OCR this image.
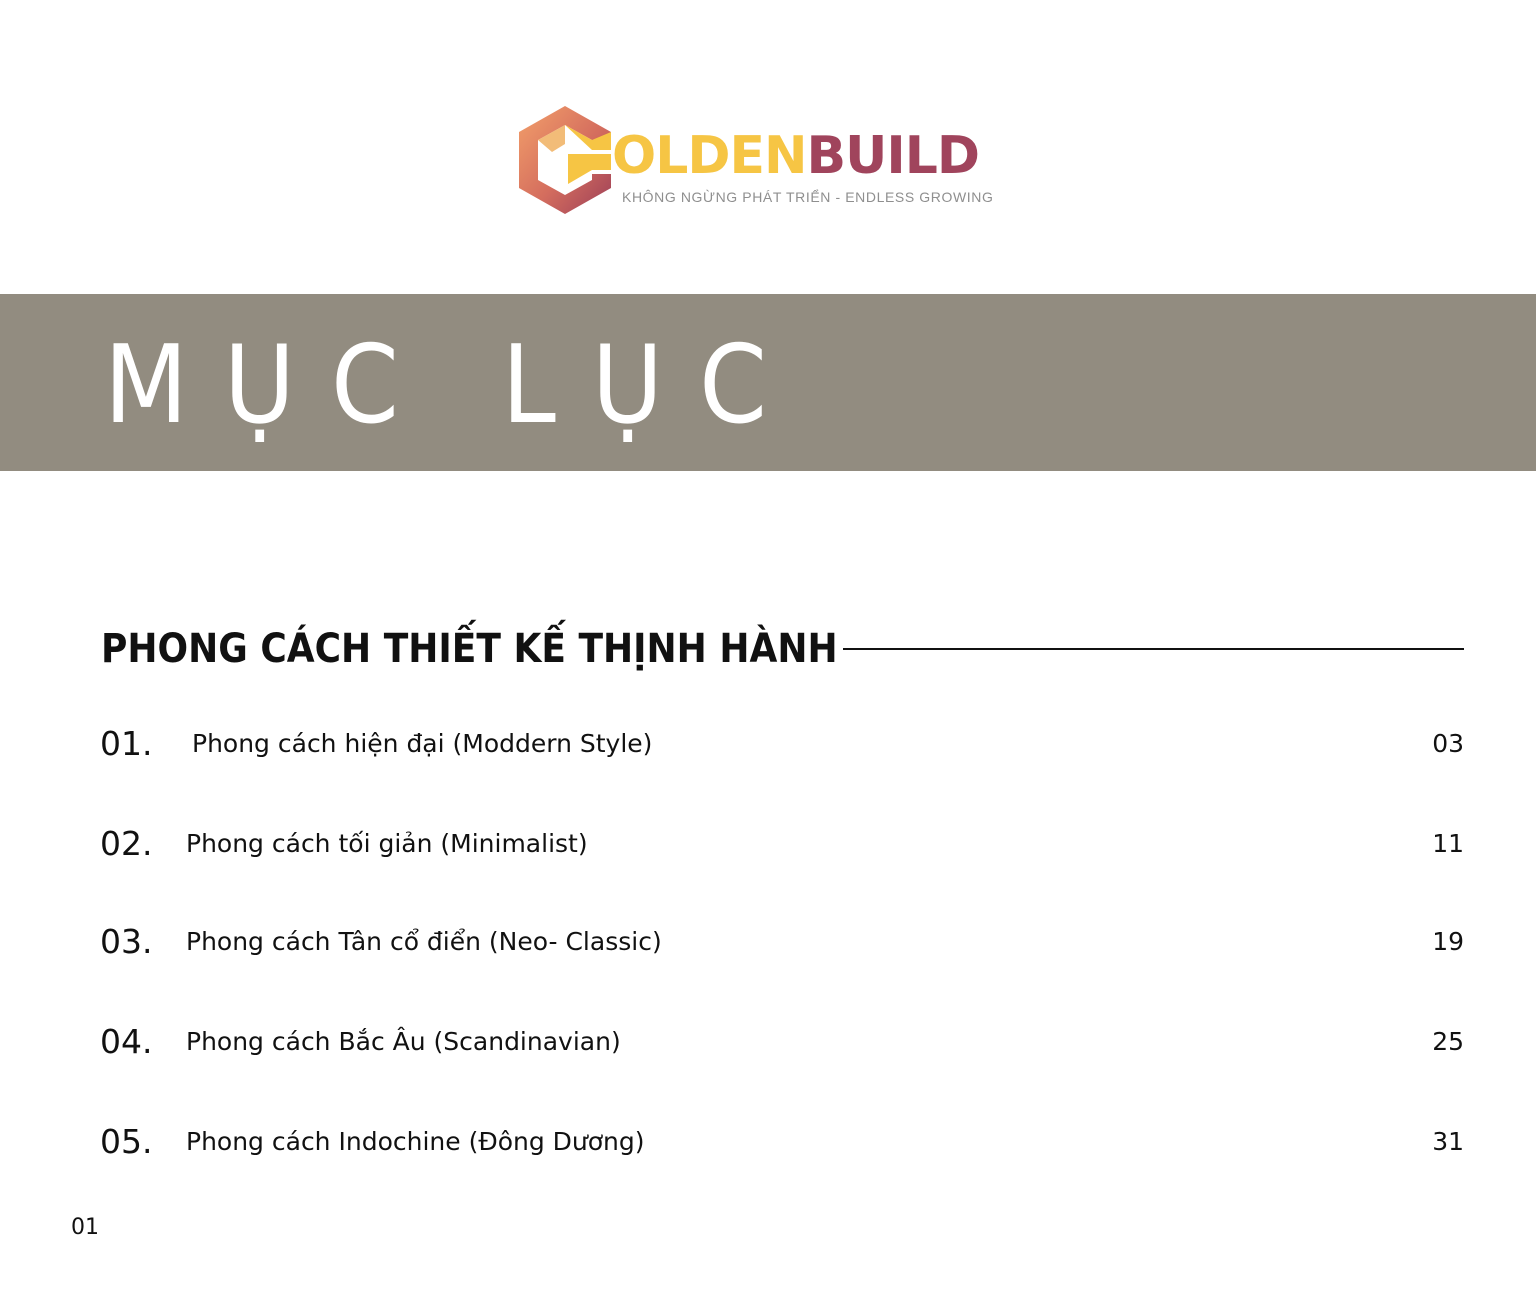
OLDENBUILD
KHÔNG NGỪNG PHÁT TRIỂN - ENDLESS GROWING
MỤC LỤC
PHONG CÁCH THIẾT KẾ THỊNH HÀNH
01. Phong cách hiện đại (Moddern Style)	03
02. Phong cách tối giản (Minimalist)	11
03. Phong cách Tân cổ điển (Neo- Classic)	19
04. Phong cách Bắc Âu (Scandinavian)	25
05. Phong cách Indochine (Đông Dương)	31
01
